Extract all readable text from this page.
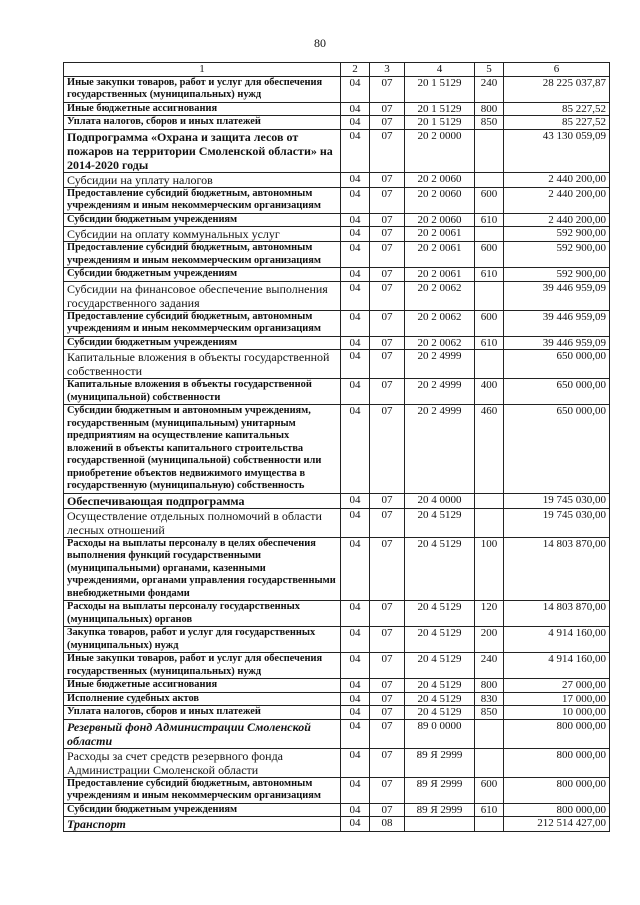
80
1	2	3	4	5	6
Иные закупки товаров, работ и услуг для обеспечения государственных (муниципальных) нужд	04	07	20 1 5129	240	28 225 037,87
Иные бюджетные ассигнования	04	07	20 1 5129	800	85 227,52
Уплата налогов, сборов и иных платежей	04	07	20 1 5129	850	85 227,52
Подпрограмма «Охрана и защита лесов от пожаров на территории Смоленской области» на 2014-2020 годы	04	07	20 2 0000		43 130 059,09
Субсидии на уплату налогов	04	07	20 2 0060		2 440 200,00
Предоставление субсидий бюджетным, автономным учреждениям и иным некоммерческим организациям	04	07	20 2 0060	600	2 440 200,00
Субсидии бюджетным учреждениям	04	07	20 2 0060	610	2 440 200,00
Субсидии на оплату коммунальных услуг	04	07	20 2 0061		592 900,00
Предоставление субсидий бюджетным, автономным учреждениям и иным некоммерческим организациям	04	07	20 2 0061	600	592 900,00
Субсидии бюджетным учреждениям	04	07	20 2 0061	610	592 900,00
Субсидии на финансовое обеспечение выполнения государственного задания	04	07	20 2 0062		39 446 959,09
Предоставление субсидий бюджетным, автономным учреждениям и иным некоммерческим организациям	04	07	20 2 0062	600	39 446 959,09
Субсидии бюджетным учреждениям	04	07	20 2 0062	610	39 446 959,09
Капитальные вложения в объекты государственной собственности	04	07	20 2 4999		650 000,00
Капитальные вложения в объекты государственной (муниципальной) собственности	04	07	20 2 4999	400	650 000,00
Субсидии бюджетным и автономным учреждениям, государственным (муниципальным) унитарным предприятиям на осуществление капитальных вложений в объекты капитального строительства государственной (муниципальной) собственности или приобретение объектов недвижимого имущества в государственную (муниципальную) собственность	04	07	20 2 4999	460	650 000,00
Обеспечивающая подпрограмма	04	07	20 4 0000		19 745 030,00
Осуществление отдельных полномочий в области лесных отношений	04	07	20 4 5129		19 745 030,00
Расходы на выплаты персоналу в целях обеспечения выполнения функций государственными (муниципальными) органами, казенными учреждениями, органами управления государственными внебюджетными фондами	04	07	20 4 5129	100	14 803 870,00
Расходы на выплаты персоналу государственных (муниципальных) органов	04	07	20 4 5129	120	14 803 870,00
Закупка товаров, работ и услуг для государственных (муниципальных) нужд	04	07	20 4 5129	200	4 914 160,00
Иные закупки товаров, работ и услуг для обеспечения государственных (муниципальных) нужд	04	07	20 4 5129	240	4 914 160,00
Иные бюджетные ассигнования	04	07	20 4 5129	800	27 000,00
Исполнение судебных актов	04	07	20 4 5129	830	17 000,00
Уплата налогов, сборов и иных платежей	04	07	20 4 5129	850	10 000,00
Резервный фонд Администрации Смоленской области	04	07	89 0 0000		800 000,00
Расходы за счет средств резервного фонда Администрации Смоленской области	04	07	89 Я 2999		800 000,00
Предоставление субсидий бюджетным, автономным учреждениям и иным некоммерческим организациям	04	07	89 Я 2999	600	800 000,00
Субсидии бюджетным учреждениям	04	07	89 Я 2999	610	800 000,00
Транспорт	04	08			212 514 427,00
